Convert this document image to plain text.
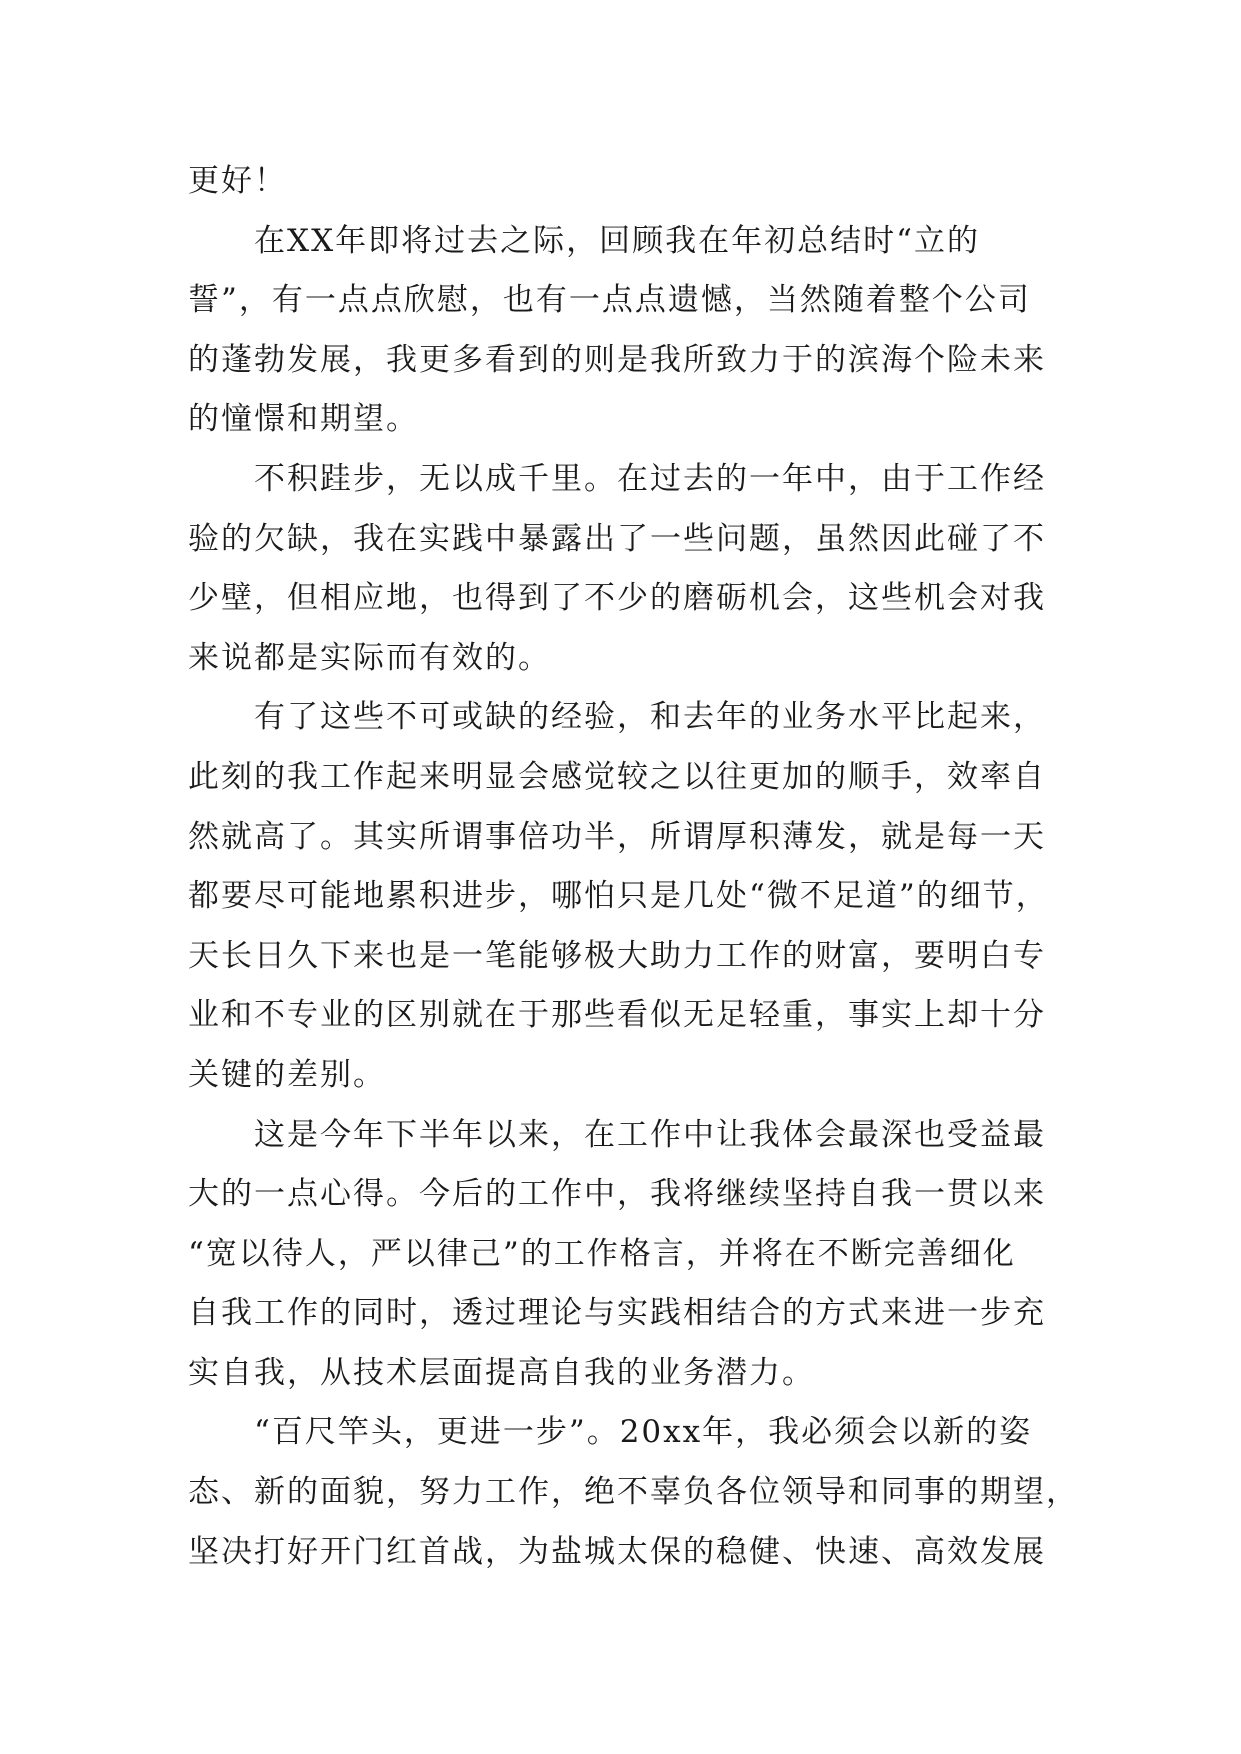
更好！
在XX年即将过去之际，回顾我在年初总结时“立的
誓”，有一点点欣慰，也有一点点遗憾，当然随着整个公司
的蓬勃发展，我更多看到的则是我所致力于的滨海个险未来
的憧憬和期望。
不积跬步，无以成千里。在过去的一年中，由于工作经
验的欠缺，我在实践中暴露出了一些问题，虽然因此碰了不
少壁，但相应地，也得到了不少的磨砺机会，这些机会对我
来说都是实际而有效的。
有了这些不可或缺的经验，和去年的业务水平比起来，
此刻的我工作起来明显会感觉较之以往更加的顺手，效率自
然就高了。其实所谓事倍功半，所谓厚积薄发，就是每一天
都要尽可能地累积进步，哪怕只是几处“微不足道”的细节，
天长日久下来也是一笔能够极大助力工作的财富，要明白专
业和不专业的区别就在于那些看似无足轻重，事实上却十分
关键的差别。
这是今年下半年以来，在工作中让我体会最深也受益最
大的一点心得。今后的工作中，我将继续坚持自我一贯以来
“宽以待人，严以律己”的工作格言，并将在不断完善细化
自我工作的同时，透过理论与实践相结合的方式来进一步充
实自我，从技术层面提高自我的业务潜力。
“百尺竿头，更进一步”。20xx年，我必须会以新的姿
态、新的面貌，努力工作，绝不辜负各位领导和同事的期望，
坚决打好开门红首战，为盐城太保的稳健、快速、高效发展
